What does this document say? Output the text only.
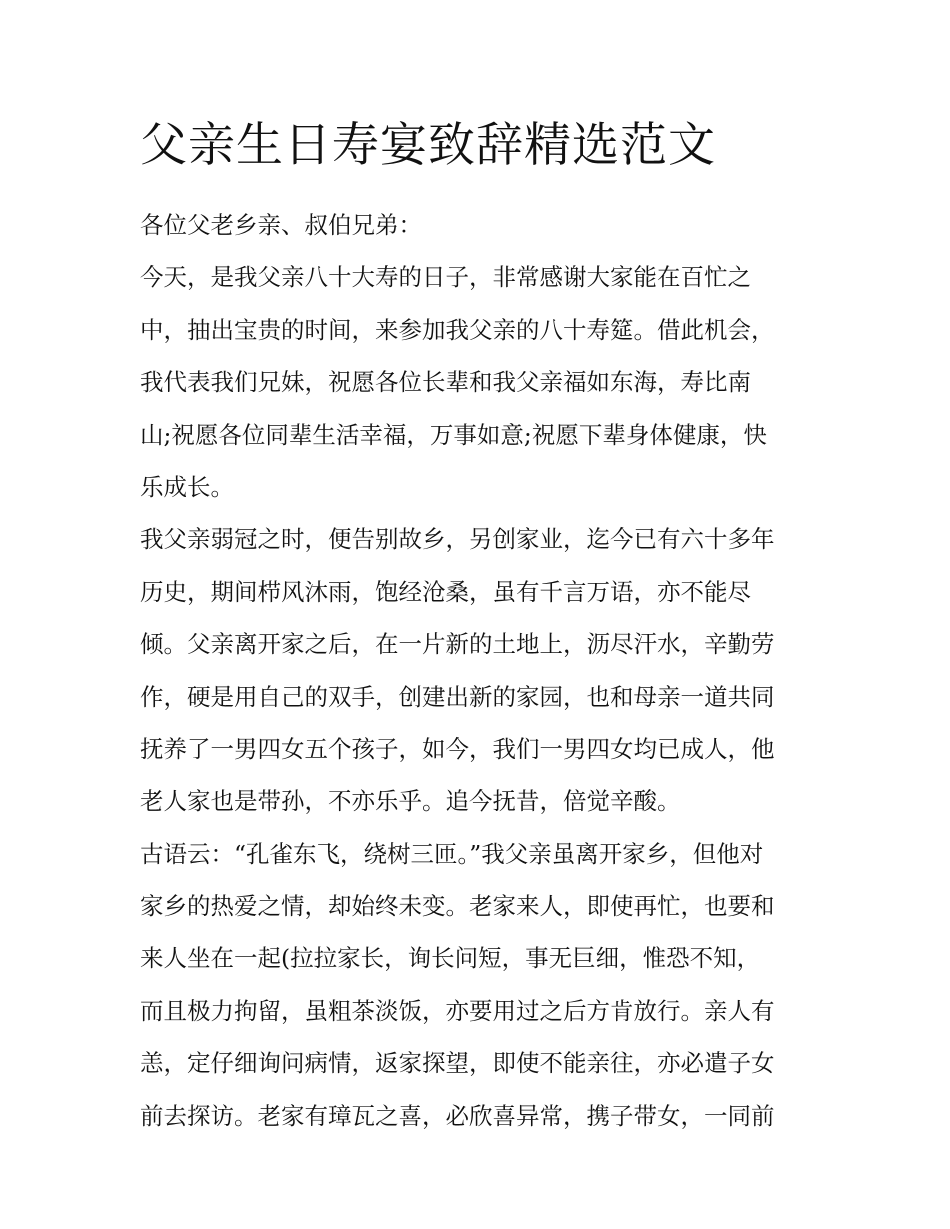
父亲生日寿宴致辞精选范文
各位父老乡亲、叔伯兄弟：
今天，是我父亲八十大寿的日子，非常感谢大家能在百忙之
中，抽出宝贵的时间，来参加我父亲的八十寿筵。借此机会，
我代表我们兄妹，祝愿各位长辈和我父亲福如东海，寿比南
山;祝愿各位同辈生活幸福，万事如意;祝愿下辈身体健康，快
乐成长。
我父亲弱冠之时，便告别故乡，另创家业，迄今已有六十多年
历史，期间栉风沐雨，饱经沧桑，虽有千言万语，亦不能尽
倾。父亲离开家之后，在一片新的土地上，沥尽汗水，辛勤劳
作，硬是用自己的双手，创建出新的家园，也和母亲一道共同
抚养了一男四女五个孩子，如今，我们一男四女均已成人，他
老人家也是带孙，不亦乐乎。追今抚昔，倍觉辛酸。
古语云：“孔雀东飞，绕树三匝。”我父亲虽离开家乡，但他对
家乡的热爱之情，却始终未变。老家来人，即使再忙，也要和
来人坐在一起(拉拉家长，询长问短，事无巨细，惟恐不知，
而且极力拘留，虽粗茶淡饭，亦要用过之后方肯放行。亲人有
恙，定仔细询问病情，返家探望，即使不能亲往，亦必遣子女
前去探访。老家有璋瓦之喜，必欣喜异常，携子带女，一同前
